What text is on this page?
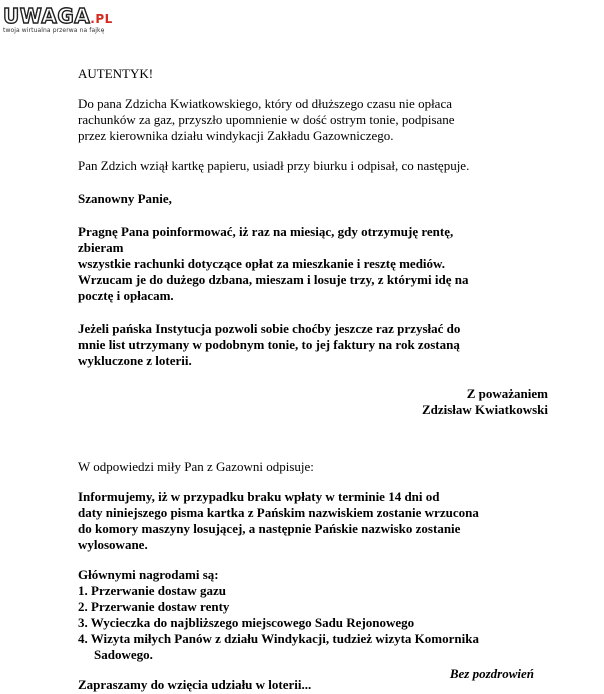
UWAGA.PL
twoja wirtualna przerwa na fajkę

AUTENTYK!

Do pana Zdzicha Kwiatkowskiego, który od dłuższego czasu nie opłaca

rachunków za gaz, przyszło upomnienie w dość ostrym tonie, podpisane

przez kierownika działu windykacji Zakładu Gazowniczego.

Pan Zdzich wziął kartkę papieru, usiadł przy biurku i odpisał, co następuje.

Szanowny Panie,

Pragnę Pana poinformować, iż raz na miesiąc, gdy otrzymuję rentę,

zbieram

wszystkie rachunki dotyczące opłat za mieszkanie i resztę mediów.

Wrzucam je do dużego dzbana, mieszam i losuje trzy, z którymi idę na

pocztę i opłacam.

Jeżeli pańska Instytucja pozwoli sobie choćby jeszcze raz przysłać do

mnie list utrzymany w podobnym tonie, to jej faktury na rok zostaną

wykluczone z loterii.

Z poważaniem

Zdzisław Kwiatkowski

W odpowiedzi miły Pan z Gazowni odpisuje:

Informujemy, iż w przypadku braku wpłaty w terminie 14 dni od

daty niniejszego pisma kartka z Pańskim nazwiskiem zostanie wrzucona

do komory maszyny losującej, a następnie Pańskie nazwisko zostanie

wylosowane.

Głównymi nagrodami są:

1. Przerwanie dostaw gazu
2. Przerwanie dostaw renty
3. Wycieczka do najbliższego miejscowego Sadu Rejonowego
4. Wizyta miłych Panów z działu Windykacji, tudzież wizyta Komornika
Sadowego.

Zapraszamy do wzięcia udziału w loterii...

Bez pozdrowień
